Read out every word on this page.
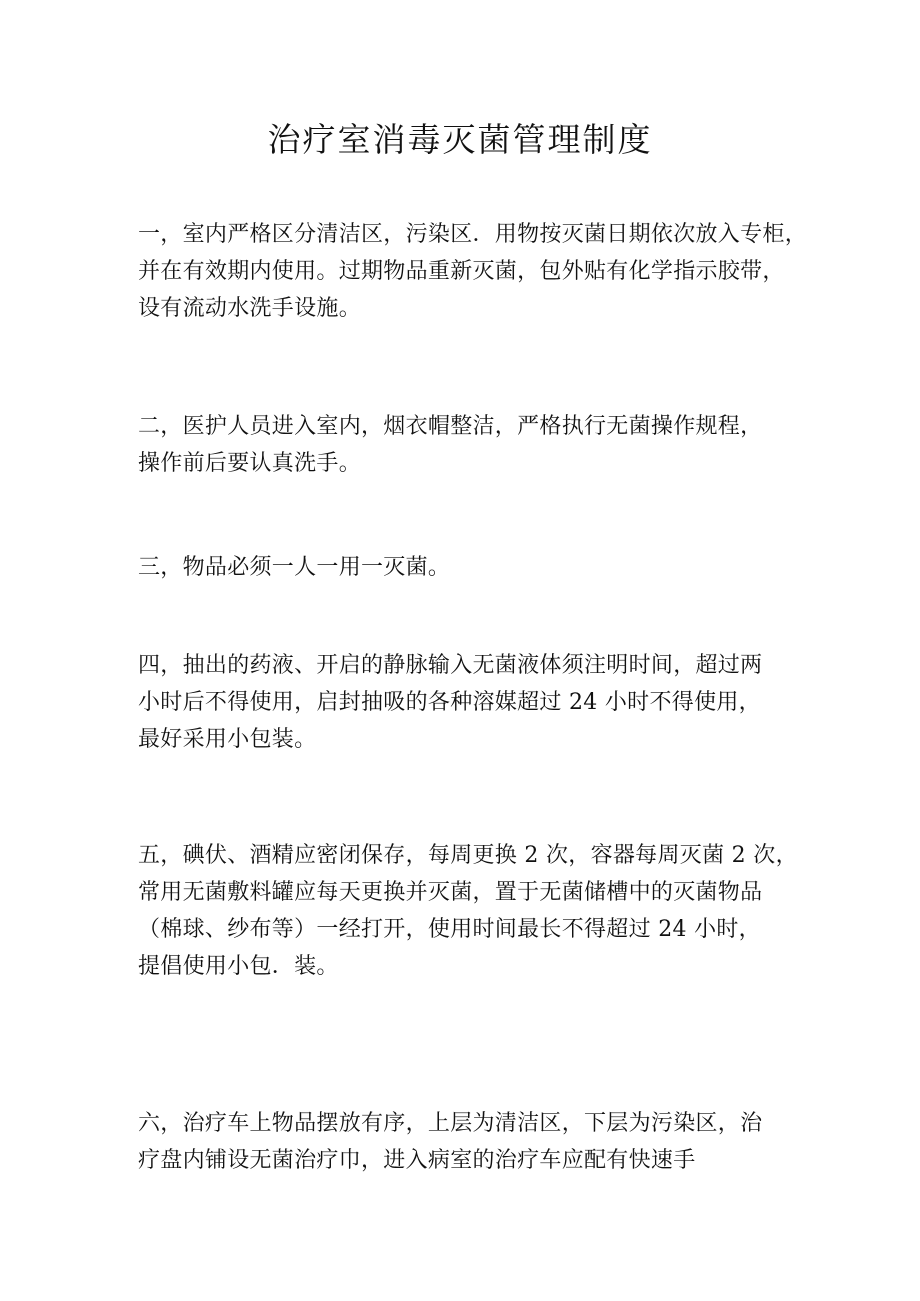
治疗室消毒灭菌管理制度

一，室内严格区分清洁区，污染区．用物按灭菌日期依次放入专柜，
并在有效期内使用。过期物品重新灭菌，包外贴有化学指示胶带，
设有流动水洗手设施。

二，医护人员进入室内，烟衣帽整洁，严格执行无菌操作规程，
操作前后要认真洗手。

三，物品必须一人一用一灭菌。

四，抽出的药液、开启的静脉输入无菌液体须注明时间，超过两
小时后不得使用，启封抽吸的各种溶媒超过 24 小时不得使用，
最好采用小包装。

五，碘伏、酒精应密闭保存，每周更换 2 次，容器每周灭菌 2 次，
常用无菌敷料罐应每天更换并灭菌，置于无菌储槽中的灭菌物品
（棉球、纱布等）一经打开，使用时间最长不得超过 24 小时，
提倡使用小包．装。

六，治疗车上物品摆放有序，上层为清洁区，下层为污染区，治
疗盘内铺设无菌治疗巾，进入病室的治疗车应配有快速手
